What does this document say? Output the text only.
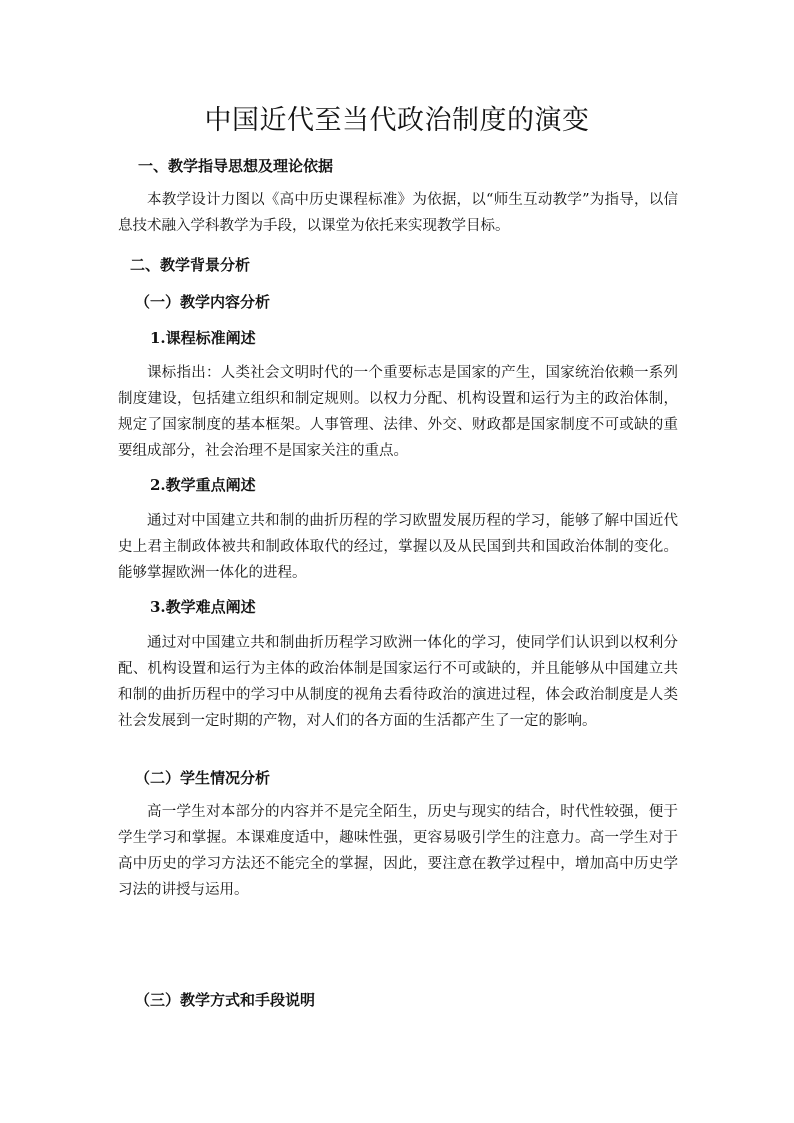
中国近代至当代政治制度的演变
一、教学指导思想及理论依据

本教学设计力图以《高中历史课程标准》为依据，以“师生互动教学”为指导，以信息技术融入学科教学为手段，以课堂为依托来实现教学目标。

二、教学背景分析
（一）教学内容分析
1.课程标准阐述

课标指出：人类社会文明时代的一个重要标志是国家的产生，国家统治依赖一系列制度建设，包括建立组织和制定规则。以权力分配、机构设置和运行为主的政治体制，规定了国家制度的基本框架。人事管理、法律、外交、财政都是国家制度不可或缺的重要组成部分，社会治理不是国家关注的重点。

2.教学重点阐述

通过对中国建立共和制的曲折历程的学习欧盟发展历程的学习，能够了解中国近代史上君主制政体被共和制政体取代的经过，掌握以及从民国到共和国政治体制的变化。能够掌握欧洲一体化的进程。

3.教学难点阐述

通过对中国建立共和制曲折历程学习欧洲一体化的学习，使同学们认识到以权利分配、机构设置和运行为主体的政治体制是国家运行不可或缺的，并且能够从中国建立共和制的曲折历程中的学习中从制度的视角去看待政治的演进过程，体会政治制度是人类社会发展到一定时期的产物，对人们的各方面的生活都产生了一定的影响。

（二）学生情况分析

高一学生对本部分的内容并不是完全陌生，历史与现实的结合，时代性较强，便于学生学习和掌握。本课难度适中，趣味性强，更容易吸引学生的注意力。高一学生对于高中历史的学习方法还不能完全的掌握，因此，要注意在教学过程中，增加高中历史学习法的讲授与运用。

（三）教学方式和手段说明
